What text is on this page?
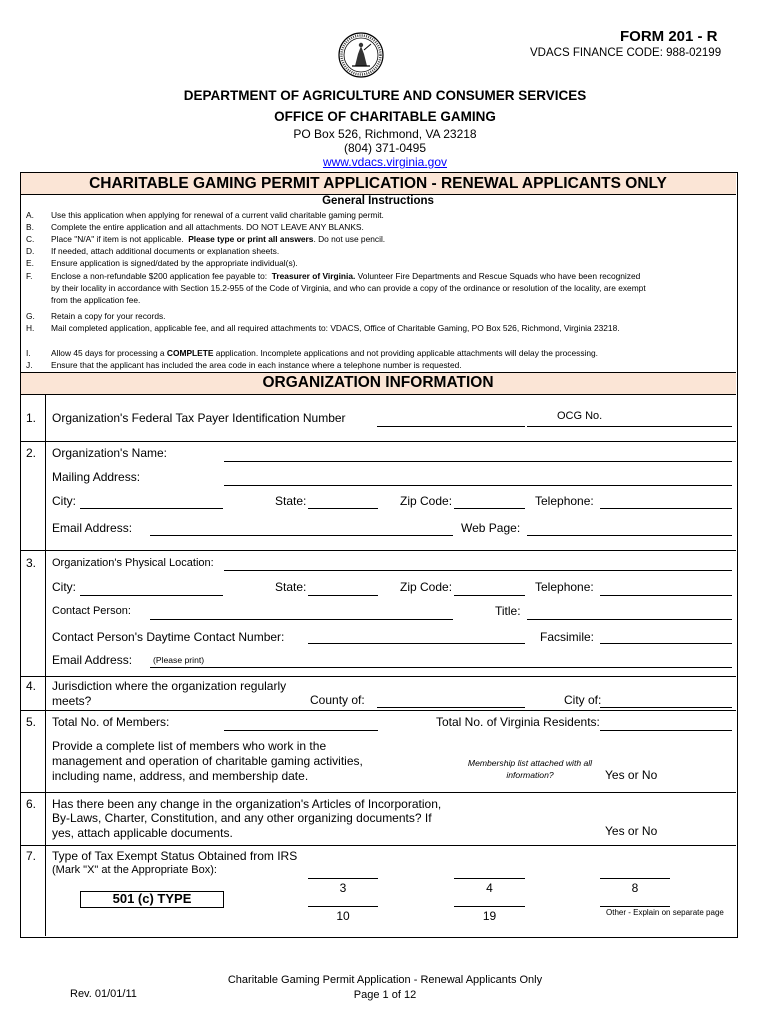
FORM 201 - R
VDACS FINANCE CODE: 988-02199
DEPARTMENT OF AGRICULTURE AND CONSUMER SERVICES
OFFICE OF CHARITABLE GAMING
PO Box 526, Richmond, VA 23218
(804) 371-0495
www.vdacs.virginia.gov
CHARITABLE GAMING PERMIT APPLICATION - RENEWAL APPLICANTS ONLY
General Instructions
A. Use this application when applying for renewal of a current valid charitable gaming permit.
B. Complete the entire application and all attachments. DO NOT LEAVE ANY BLANKS.
C. Place "N/A" if item is not applicable. Please type or print all answers. Do not use pencil.
D. If needed, attach additional documents or explanation sheets.
E. Ensure application is signed/dated by the appropriate individual(s).
F. Enclose a non-refundable $200 application fee payable to: Treasurer of Virginia. Volunteer Fire Departments and Rescue Squads who have been recognized
by their locality in accordance with Section 15.2-955 of the Code of Virginia, and who can provide a copy of the ordinance or resolution of the locality, are exempt
from the application fee.
G. Retain a copy for your records.
H. Mail completed application, applicable fee, and all required attachments to: VDACS, Office of Charitable Gaming, PO Box 526, Richmond, Virginia 23218.
I. Allow 45 days for processing a COMPLETE application. Incomplete applications and not providing applicable attachments will delay the processing.
J. Ensure that the applicant has included the area code in each instance where a telephone number is requested.
ORGANIZATION INFORMATION
1. Organization's Federal Tax Payer Identification Number	OCG No.
2. Organization's Name:
Mailing Address:
City:	State:	Zip Code:	Telephone:
Email Address:	Web Page:
3. Organization's Physical Location:
City:	State:	Zip Code:	Telephone:
Contact Person:	Title:
Contact Person's Daytime Contact Number:	Facsimile:
Email Address: (Please print)
4. Jurisdiction where the organization regularly
meets?	County of:	City of:
5. Total No. of Members:	Total No. of Virginia Residents:
Provide a complete list of members who work in the
management and operation of charitable gaming activities,
including name, address, and membership date.
Membership list attached with all
information?	Yes or No
6. Has there been any change in the organization's Articles of Incorporation,
By-Laws, Charter, Constitution, and any other organizing documents? If
yes, attach applicable documents.	Yes or No
7. Type of Tax Exempt Status Obtained from IRS
(Mark "X" at the Appropriate Box):
3	4	8
501 (c) TYPE
10	19	Other - Explain on separate page
Charitable Gaming Permit Application - Renewal Applicants Only
Page 1 of 12
Rev. 01/01/11
